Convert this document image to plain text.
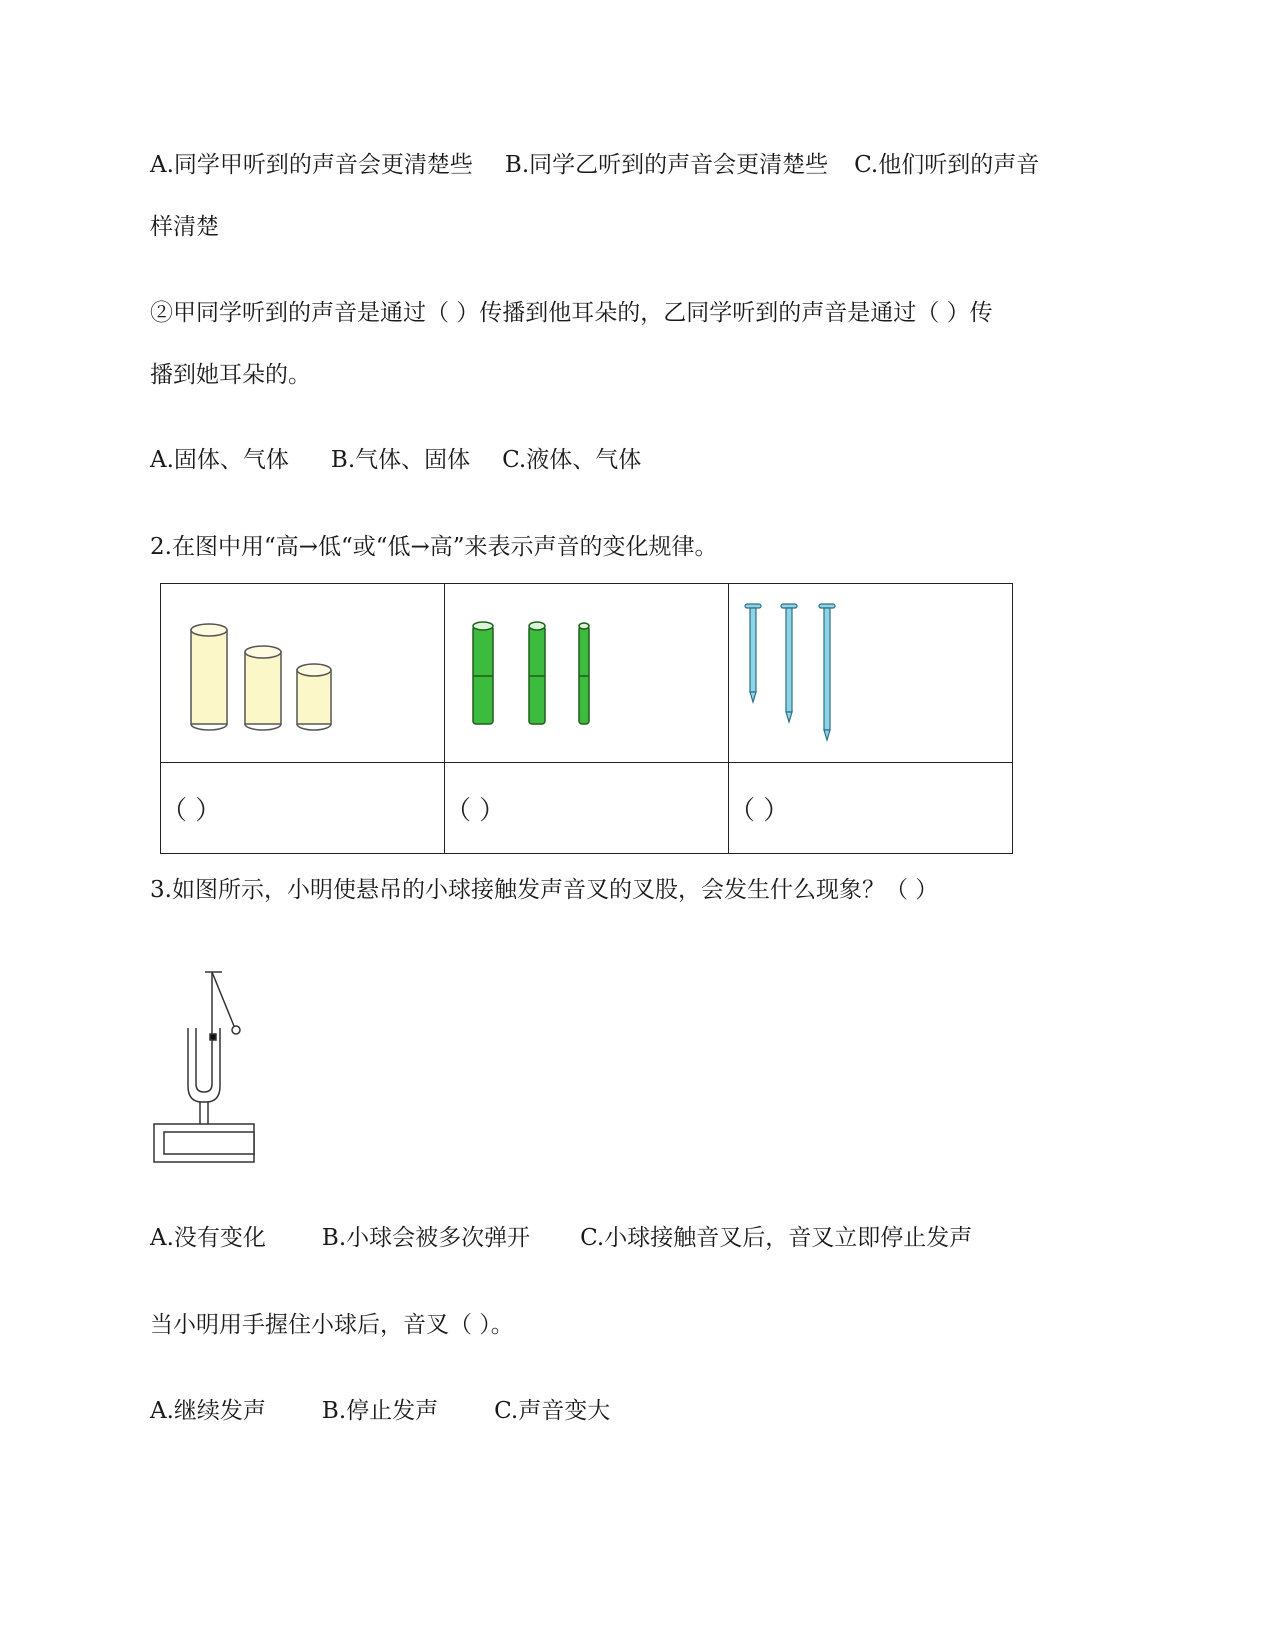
A.同学甲听到的声音会更清楚些 B.同学乙听到的声音会更清楚些 C.他们听到的声音
样清楚
②甲同学听到的声音是通过（ ）传播到他耳朵的，乙同学听到的声音是通过（ ）传
播到她耳朵的。
A.固体、气体 B.气体、固体 C.液体、气体
2.在图中用“高→低“或“低→高”来表示声音的变化规律。

（ ）	（ ）	（ ）
3.如图所示，小明使悬吊的小球接触发声音叉的叉股，会发生什么现象？（ ）
A.没有变化 B.小球会被多次弹开 C.小球接触音叉后，音叉立即停止发声
当小明用手握住小球后，音叉（ ）。
A.继续发声 B.停止发声 C.声音变大
